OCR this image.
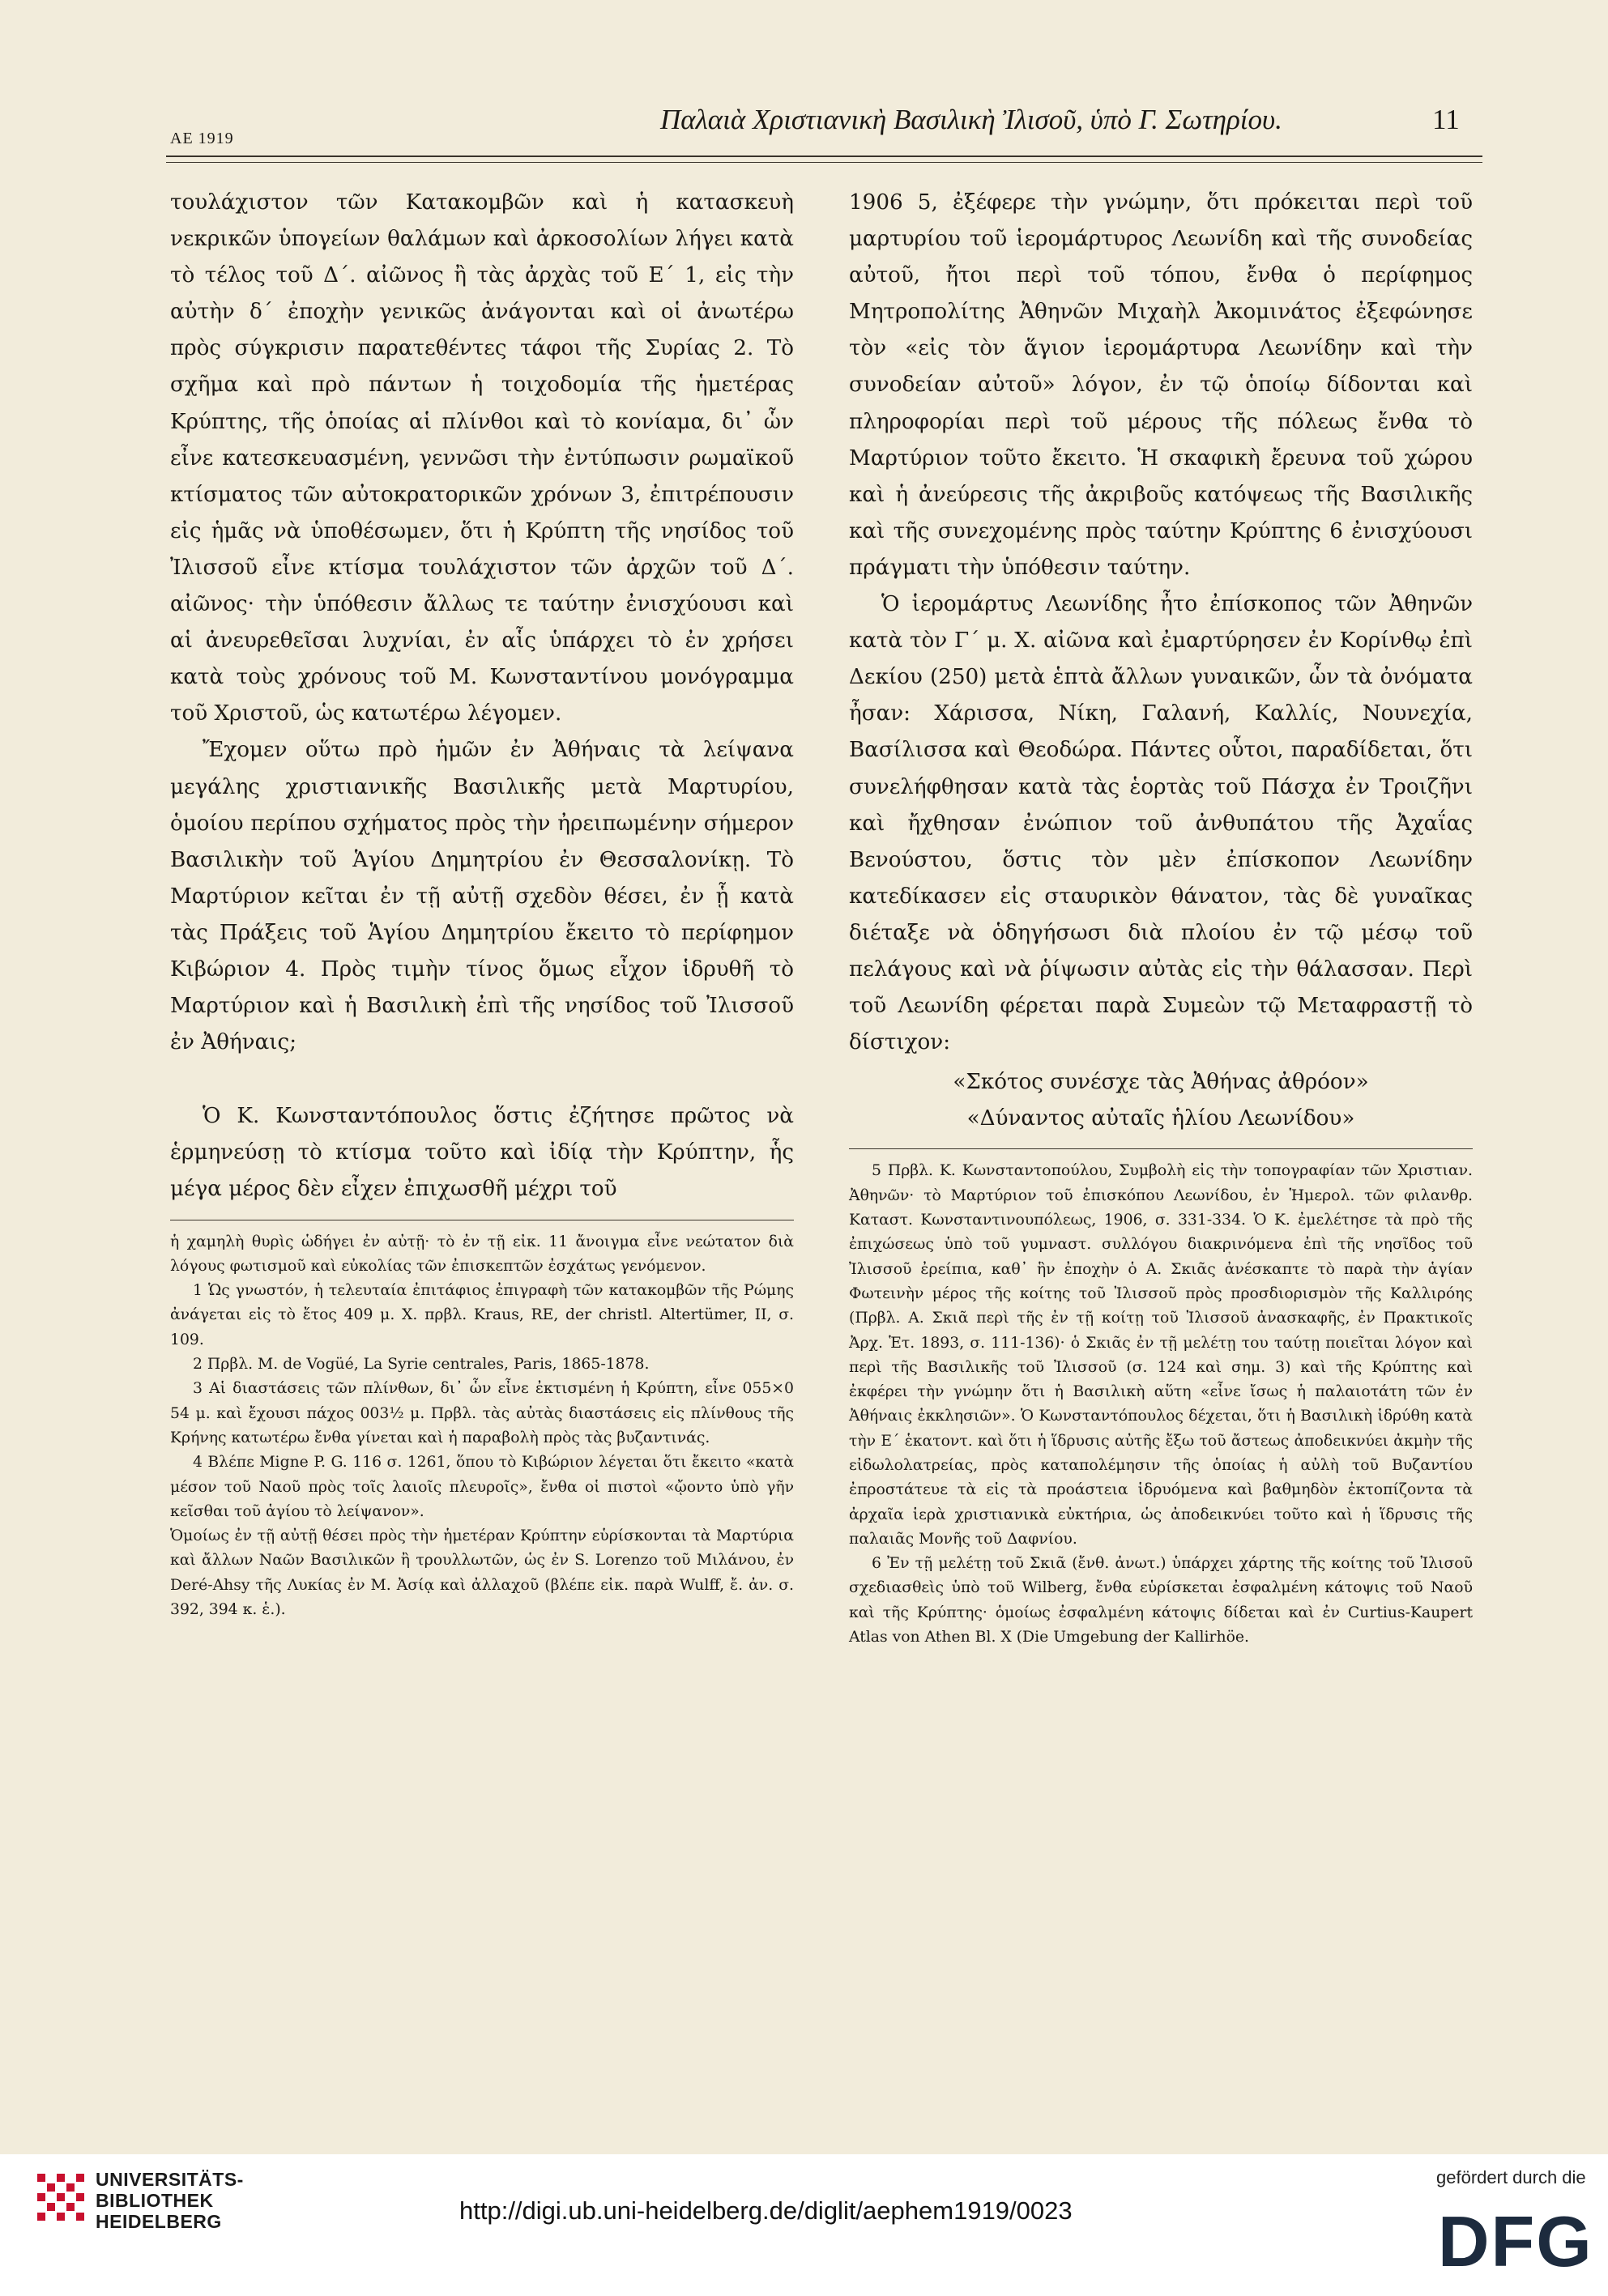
ΑΕ 1919
Παλαιὰ Χριστιανικὴ Βασιλικὴ Ἰλισοῦ, ὑπὸ Γ. Σωτηρίου.	11

τουλάχιστον τῶν Κατακομβῶν καὶ ἡ κατασκευὴ νεκρικῶν ὑπογείων θαλάμων καὶ ἀρκοσολίων λήγει κατὰ τὸ τέλος τοῦ Δ΄. αἰῶνος ἢ τὰς ἀρχὰς τοῦ Ε΄ 1, εἰς τὴν αὐτὴν δ΄ ἐποχὴν γενικῶς ἀνάγονται καὶ οἱ ἀνωτέρω πρὸς σύγκρισιν παρατεθέντες τάφοι τῆς Συρίας 2. Τὸ σχῆμα καὶ πρὸ πάντων ἡ τοιχοδομία τῆς ἡμετέρας Κρύπτης, τῆς ὁποίας αἱ πλίνθοι καὶ τὸ κονίαμα, δι᾽ ὧν εἶνε κατεσκευασμένη, γεννῶσι τὴν ἐντύπωσιν ρωμαϊκοῦ κτίσματος τῶν αὐτοκρατορικῶν χρόνων 3, ἐπιτρέπουσιν εἰς ἡμᾶς νὰ ὑποθέσωμεν, ὅτι ἡ Κρύπτη τῆς νησίδος τοῦ Ἰλισσοῦ εἶνε κτίσμα τουλάχιστον τῶν ἀρχῶν τοῦ Δ΄. αἰῶνος· τὴν ὑπόθεσιν ἄλλως τε ταύτην ἐνισχύουσι καὶ αἱ ἀνευρεθεῖσαι λυχνίαι, ἐν αἷς ὑπάρχει τὸ ἐν χρήσει κατὰ τοὺς χρόνους τοῦ Μ. Κωνσταντίνου μονόγραμμα τοῦ Χριστοῦ, ὡς κατωτέρω λέγομεν.

Ἔχομεν οὕτω πρὸ ἡμῶν ἐν Ἀθήναις τὰ λείψανα μεγάλης χριστιανικῆς Βασιλικῆς μετὰ Μαρτυρίου, ὁμοίου περίπου σχήματος πρὸς τὴν ἠρειπωμένην σήμερον Βασιλικὴν τοῦ Ἁγίου Δημητρίου ἐν Θεσσαλονίκῃ. Τὸ Μαρτύριον κεῖται ἐν τῇ αὐτῇ σχεδὸν θέσει, ἐν ᾗ κατὰ τὰς Πράξεις τοῦ Ἁγίου Δημητρίου ἔκειτο τὸ περίφημον Κιβώριον 4. Πρὸς τιμὴν τίνος ὅμως εἶχον ἱδρυθῆ τὸ Μαρτύριον καὶ ἡ Βασιλικὴ ἐπὶ τῆς νησίδος τοῦ Ἰλισσοῦ ἐν Ἀθήναις;

Ὁ Κ. Κωνσταντόπουλος ὅστις ἐζήτησε πρῶτος νὰ ἑρμηνεύσῃ τὸ κτίσμα τοῦτο καὶ ἰδίᾳ τὴν Κρύπτην, ἧς μέγα μέρος δὲν εἶχεν ἐπιχωσθῆ μέχρι τοῦ

ἡ χαμηλὴ θυρὶς ὡδήγει ἐν αὐτῇ· τὸ ἐν τῇ εἰκ. 11 ἄνοιγμα εἶνε νεώτατον διὰ λόγους φωτισμοῦ καὶ εὐκολίας τῶν ἐπισκεπτῶν ἐσχάτως γενόμενον.

1 Ὡς γνωστόν, ἡ τελευταία ἐπιτάφιος ἐπιγραφὴ τῶν κατακομβῶν τῆς Ρώμης ἀνάγεται εἰς τὸ ἔτος 409 μ. Χ. πρβλ. Kraus, RE, der christl. Altertümer, II, σ. 109.

2 Πρβλ. M. de Vogüé, La Syrie centrales, Paris, 1865-1878.

3 Αἱ διαστάσεις τῶν πλίνθων, δι᾽ ὧν εἶνε ἐκτισμένη ἡ Κρύπτη, εἶνε 055×0 54 μ. καὶ ἔχουσι πάχος 003½ μ. Πρβλ. τὰς αὐτὰς διαστάσεις εἰς πλίνθους τῆς Κρήνης κατωτέρω ἔνθα γίνεται καὶ ἡ παραβολὴ πρὸς τὰς βυζαντινάς.

4 Βλέπε Migne P. G. 116 σ. 1261, ὅπου τὸ Κιβώριον λέγεται ὅτι ἔκειτο «κατὰ μέσον τοῦ Ναοῦ πρὸς τοῖς λαιοῖς πλευροῖς», ἔνθα οἱ πιστοὶ «ᾤοντο ὑπὸ γῆν κεῖσθαι τοῦ ἁγίου τὸ λείψανον».

Ὁμοίως ἐν τῇ αὐτῇ θέσει πρὸς τὴν ἡμετέραν Κρύπτην εὑρίσκονται τὰ Μαρτύρια καὶ ἄλλων Ναῶν Βασιλικῶν ἢ τρουλλωτῶν, ὡς ἐν S. Lorenzo τοῦ Μιλάνου, ἐν Deré-Ahsy τῆς Λυκίας ἐν Μ. Ἀσίᾳ καὶ ἀλλαχοῦ (βλέπε εἰκ. παρὰ Wulff, ἔ. ἀν. σ. 392, 394 κ. ἑ.).

1906 5, ἐξέφερε τὴν γνώμην, ὅτι πρόκειται περὶ τοῦ μαρτυρίου τοῦ ἱερομάρτυρος Λεωνίδη καὶ τῆς συνοδείας αὐτοῦ, ἤτοι περὶ τοῦ τόπου, ἔνθα ὁ περίφημος Μητροπολίτης Ἀθηνῶν Μιχαὴλ Ἀκομινάτος ἐξεφώνησε τὸν «εἰς τὸν ἅγιον ἱερομάρτυρα Λεωνίδην καὶ τὴν συνοδείαν αὐτοῦ» λόγον, ἐν τῷ ὁποίῳ δίδονται καὶ πληροφορίαι περὶ τοῦ μέρους τῆς πόλεως ἔνθα τὸ Μαρτύριον τοῦτο ἔκειτο. Ἡ σκαφικὴ ἔρευνα τοῦ χώρου καὶ ἡ ἀνεύρεσις τῆς ἀκριβοῦς κατόψεως τῆς Βασιλικῆς καὶ τῆς συνεχομένης πρὸς ταύτην Κρύπτης 6 ἐνισχύουσι πράγματι τὴν ὑπόθεσιν ταύτην.

Ὁ ἱερομάρτυς Λεωνίδης ἦτο ἐπίσκοπος τῶν Ἀθηνῶν κατὰ τὸν Γ΄ μ. Χ. αἰῶνα καὶ ἐμαρτύρησεν ἐν Κορίνθῳ ἐπὶ Δεκίου (250) μετὰ ἑπτὰ ἄλλων γυναικῶν, ὧν τὰ ὀνόματα ἦσαν: Χάρισσα, Νίκη, Γαλανή, Καλλίς, Νουνεχία, Βασίλισσα καὶ Θεοδώρα. Πάντες οὗτοι, παραδίδεται, ὅτι συνελήφθησαν κατὰ τὰς ἑορτὰς τοῦ Πάσχα ἐν Τροιζῆνι καὶ ἤχθησαν ἐνώπιον τοῦ ἀνθυπάτου τῆς Ἀχαΐας Βενούστου, ὅστις τὸν μὲν ἐπίσκοπον Λεωνίδην κατεδίκασεν εἰς σταυρικὸν θάνατον, τὰς δὲ γυναῖκας διέταξε νὰ ὁδηγήσωσι διὰ πλοίου ἐν τῷ μέσῳ τοῦ πελάγους καὶ νὰ ῥίψωσιν αὐτὰς εἰς τὴν θάλασσαν. Περὶ τοῦ Λεωνίδη φέρεται παρὰ Συμεὼν τῷ Μεταφραστῇ τὸ δίστιχον:

«Σκότος συνέσχε τὰς Ἀθήνας ἀθρόον»
«Δύναντος αὐταῖς ἡλίου Λεωνίδου»

5 Πρβλ. Κ. Κωνσταντοπούλου, Συμβολὴ εἰς τὴν τοπογραφίαν τῶν Χριστιαν. Ἀθηνῶν· τὸ Μαρτύριον τοῦ ἐπισκόπου Λεωνίδου, ἐν Ἡμερολ. τῶν φιλανθρ. Καταστ. Κωνσταντινουπόλεως, 1906, σ. 331-334. Ὁ Κ. ἐμελέτησε τὰ πρὸ τῆς ἐπιχώσεως ὑπὸ τοῦ γυμναστ. συλλόγου διακρινόμενα ἐπὶ τῆς νησῖδος τοῦ Ἰλισσοῦ ἐρείπια, καθ᾽ ἣν ἐποχὴν ὁ Α. Σκιᾶς ἀνέσκαπτε τὸ παρὰ τὴν ἁγίαν Φωτεινὴν μέρος τῆς κοίτης τοῦ Ἰλισσοῦ πρὸς προσδιορισμὸν τῆς Καλλιρόης (Πρβλ. Α. Σκιᾶ περὶ τῆς ἐν τῇ κοίτῃ τοῦ Ἰλισσοῦ ἀνασκαφῆς, ἐν Πρακτικοῖς Ἀρχ. Ἑτ. 1893, σ. 111-136)· ὁ Σκιᾶς ἐν τῇ μελέτῃ του ταύτῃ ποιεῖται λόγον καὶ περὶ τῆς Βασιλικῆς τοῦ Ἰλισσοῦ (σ. 124 καὶ σημ. 3) καὶ τῆς Κρύπτης καὶ ἐκφέρει τὴν γνώμην ὅτι ἡ Βασιλικὴ αὕτη «εἶνε ἴσως ἡ παλαιοτάτη τῶν ἐν Ἀθήναις ἐκκλησιῶν». Ὁ Κωνσταντόπουλος δέχεται, ὅτι ἡ Βασιλικὴ ἱδρύθη κατὰ τὴν Ε΄ ἑκατοντ. καὶ ὅτι ἡ ἵδρυσις αὐτῆς ἔξω τοῦ ἄστεως ἀποδεικνύει ἀκμὴν τῆς εἰδωλολατρείας, πρὸς καταπολέμησιν τῆς ὁποίας ἡ αὐλὴ τοῦ Βυζαντίου ἐπροστάτευε τὰ εἰς τὰ προάστεια ἱδρυόμενα καὶ βαθμηδὸν ἐκτοπίζοντα τὰ ἀρχαῖα ἱερὰ χριστιανικὰ εὐκτήρια, ὡς ἀποδεικνύει τοῦτο καὶ ἡ ἵδρυσις τῆς παλαιᾶς Μονῆς τοῦ Δαφνίου.

6 Ἐν τῇ μελέτῃ τοῦ Σκιᾶ (ἔνθ. ἀνωτ.) ὑπάρχει χάρτης τῆς κοίτης τοῦ Ἰλισοῦ σχεδιασθεὶς ὑπὸ τοῦ Wilberg, ἔνθα εὑρίσκεται ἐσφαλμένη κάτοψις τοῦ Ναοῦ καὶ τῆς Κρύπτης· ὁμοίως ἐσφαλμένη κάτοψις δίδεται καὶ ἐν Curtius-Kaupert Atlas von Athen Bl. X (Die Umgebung der Kallirhöe.

UNIVERSITÄTS-
BIBLIOTHEK
HEIDELBERG	http://digi.ub.uni-heidelberg.de/diglit/aephem1919/0023
gefördert durch die
DFG
